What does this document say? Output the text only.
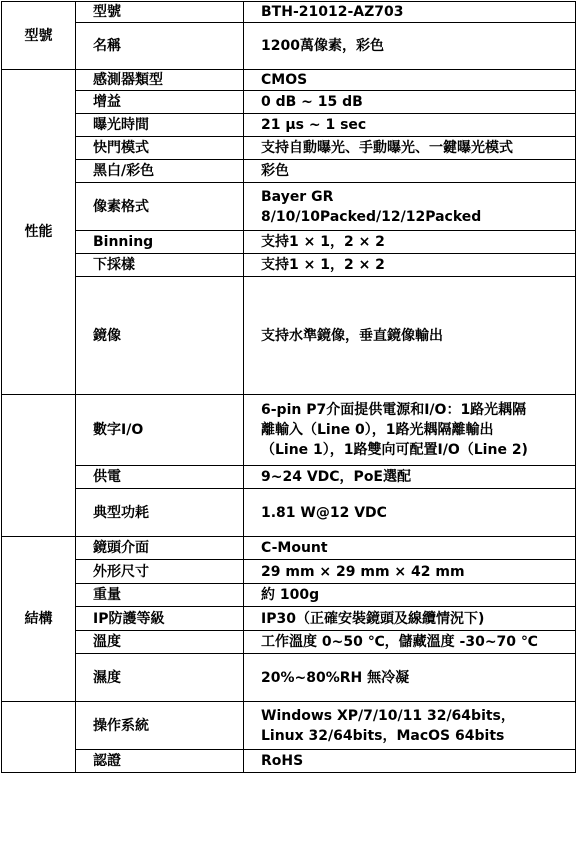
型號	型號	BTH-21012-AZ703

	名稱	1200萬像素，彩色

性能	感測器類型	CMOS

	增益	0 dB ~ 15 dB

	曝光時間	21 µs ~ 1 sec

	快門模式	支持自動曝光、手動曝光、一鍵曝光模式

	黑白/彩色	彩色

	像素格式	Bayer GR
8/10/10Packed/12/12Packed

	Binning	支持1 × 1，2 × 2

	下採樣	支持1 × 1，2 × 2

	鏡像	支持水準鏡像，垂直鏡像輸出

	數字I/O	6-pin P7介面提供電源和I/O：1路光耦隔
離輸入（Line 0），1路光耦隔離輸出
（Line 1），1路雙向可配置I/O（Line 2)

	供電	9~24 VDC，PoE選配

	典型功耗	1.81 W@12 VDC

結構	鏡頭介面	C-Mount

	外形尺寸	29 mm × 29 mm × 42 mm

	重量	約 100g

	IP防護等級	IP30（正確安裝鏡頭及線纜情況下)

	溫度	工作溫度 0~50 ℃，儲藏溫度 -30~70 ℃

	濕度	20%~80%RH 無冷凝

	操作系統	Windows XP/7/10/11 32/64bits，
Linux 32/64bits，MacOS 64bits

	認證	RoHS
